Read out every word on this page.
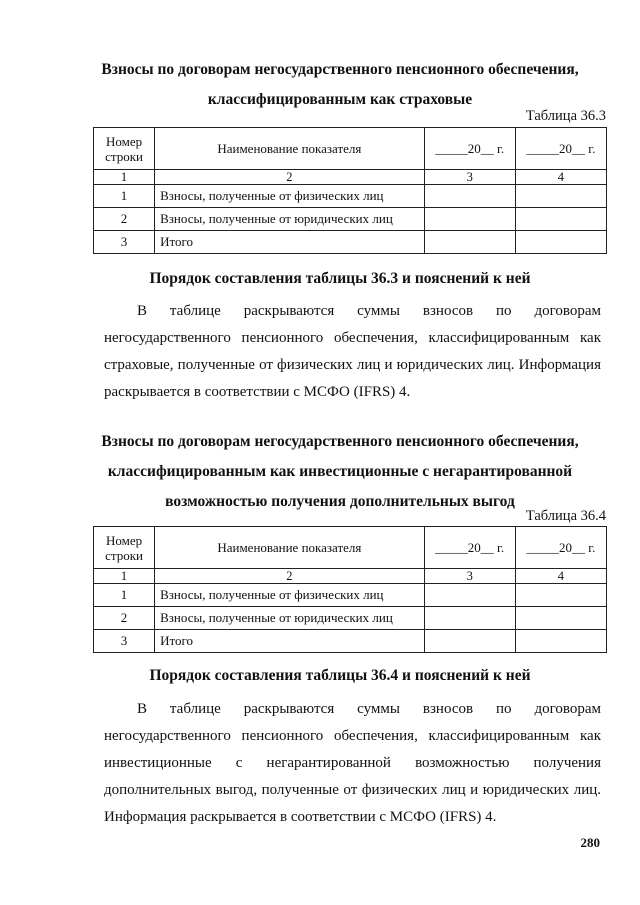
Взносы по договорам негосударственного пенсионного обеспечения,
классифицированным как страховые
Таблица 36.3
Номер
строки	Наименование показателя	_____20__ г.	_____20__ г.
1	2	3	4
1	Взносы, полученные от физических лиц		
2	Взносы, полученные от юридических лиц		
3	Итого		
Порядок составления таблицы 36.3 и пояснений к ней
В таблице раскрываются суммы взносов по договорам
негосударственного пенсионного обеспечения, классифицированным как страховые, полученные от физических лиц и юридических лиц. Информация раскрывается в соответствии с МСФО (IFRS) 4.
Взносы по договорам негосударственного пенсионного обеспечения,
классифицированным как инвестиционные с негарантированной
возможностью получения дополнительных выгод
Таблица 36.4
Номер
строки	Наименование показателя	_____20__ г.	_____20__ г.
1	2	3	4
1	Взносы, полученные от физических лиц		
2	Взносы, полученные от юридических лиц		
3	Итого		
Порядок составления таблицы 36.4 и пояснений к ней
В таблице раскрываются суммы взносов по договорам
негосударственного пенсионного обеспечения, классифицированным как инвестиционные с негарантированной возможностью получения дополнительных выгод, полученные от физических лиц и юридических лиц. Информация раскрывается в соответствии с МСФО (IFRS) 4.
280
